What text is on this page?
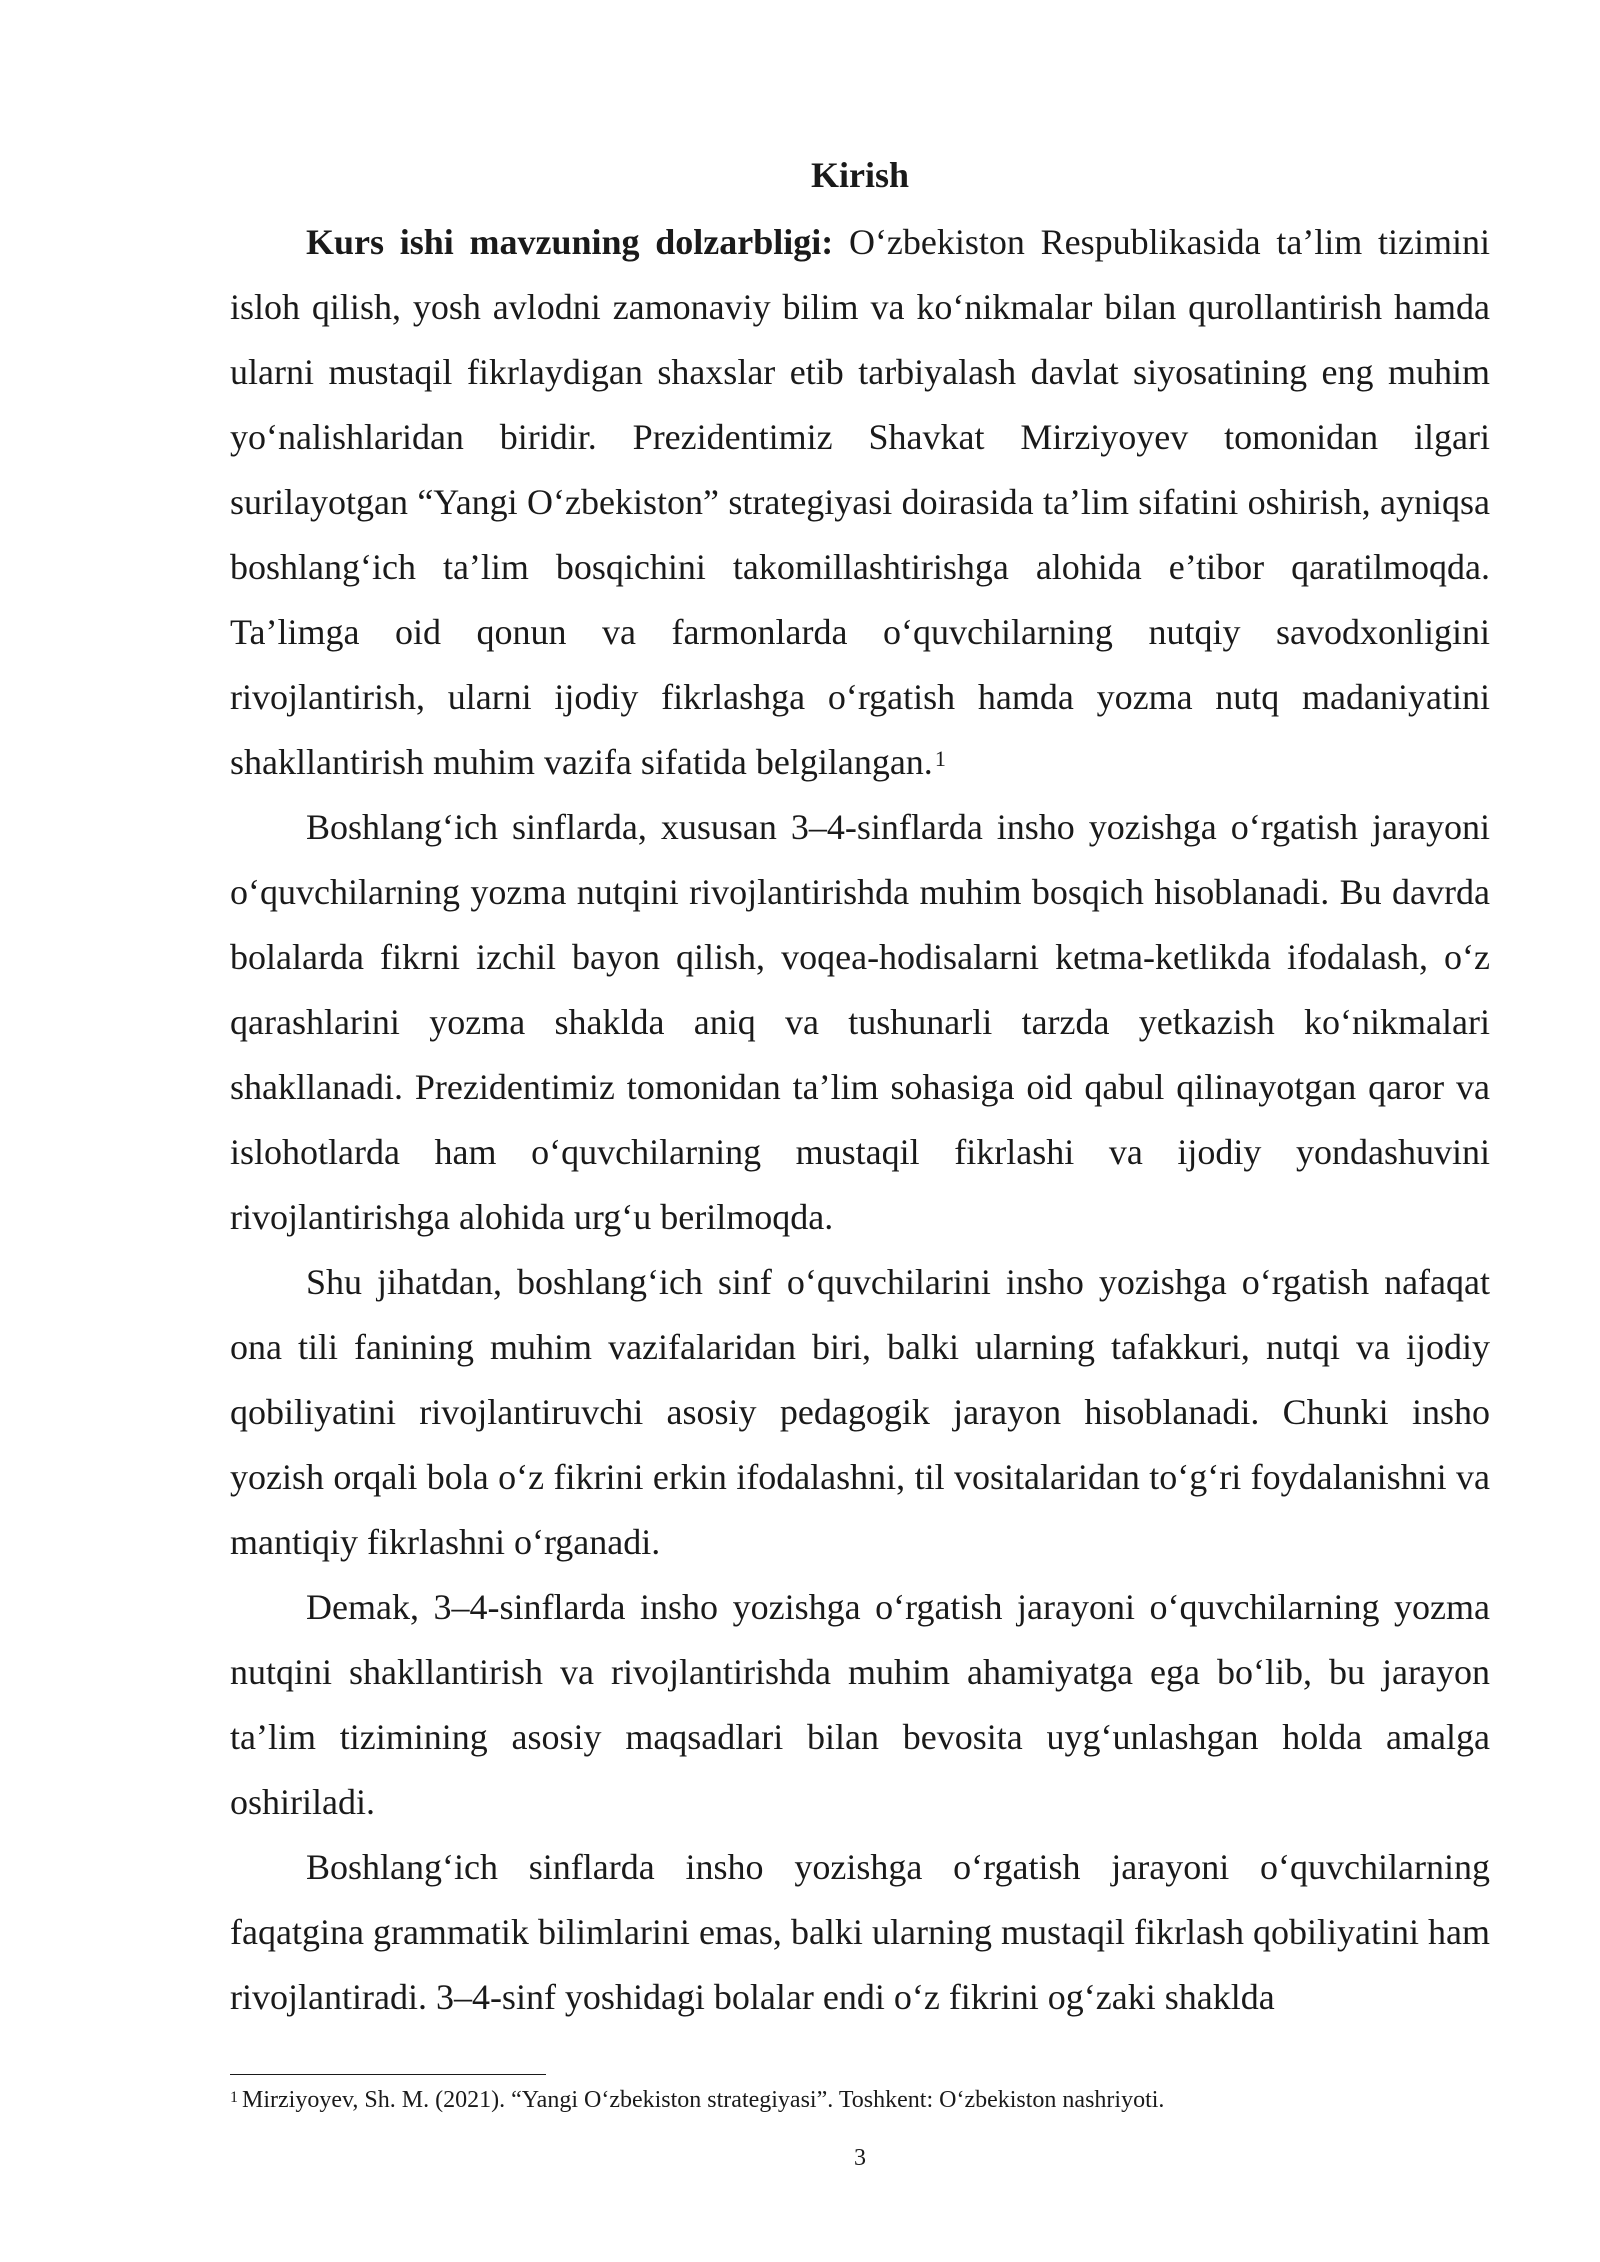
Kirish

Kurs ishi mavzuning dolzarbligi: O‘zbekiston Respublikasida ta’lim tizimini isloh qilish, yosh avlodni zamonaviy bilim va ko‘nikmalar bilan qurollantirish hamda ularni mustaqil fikrlaydigan shaxslar etib tarbiyalash davlat siyosatining eng muhim yo‘nalishlaridan biridir. Prezidentimiz Shavkat Mirziyoyev tomonidan ilgari surilayotgan “Yangi O‘zbekiston” strategiyasi doirasida ta’lim sifatini oshirish, ayniqsa boshlang‘ich ta’lim bosqichini takomillashtirishga alohida e’tibor qaratilmoqda. Ta’limga oid qonun va farmonlarda o‘quvchilarning nutqiy savodxonligini rivojlantirish, ularni ijodiy fikrlashga o‘rgatish hamda yozma nutq madaniyatini shakllantirish muhim vazifa sifatida belgilangan.$^1$

Boshlang‘ich sinflarda, xususan 3–4-sinflarda insho yozishga o‘rgatish jarayoni o‘quvchilarning yozma nutqini rivojlantirishda muhim bosqich hisoblanadi. Bu davrda bolalarda fikrni izchil bayon qilish, voqea-hodisalarni ketma-ketlikda ifodalash, o‘z qarashlarini yozma shaklda aniq va tushunarli tarzda yetkazish ko‘nikmalari shakllanadi. Prezidentimiz tomonidan ta’lim sohasiga oid qabul qilinayotgan qaror va islohotlarda ham o‘quvchilarning mustaqil fikrlashi va ijodiy yondashuvini rivojlantirishga alohida urg‘u berilmoqda.

Shu jihatdan, boshlang‘ich sinf o‘quvchilarini insho yozishga o‘rgatish nafaqat ona tili fanining muhim vazifalaridan biri, balki ularning tafakkuri, nutqi va ijodiy qobiliyatini rivojlantiruvchi asosiy pedagogik jarayon hisoblanadi. Chunki insho yozish orqali bola o‘z fikrini erkin ifodalashni, til vositalaridan to‘g‘ri foydalanishni va mantiqiy fikrlashni o‘rganadi.

Demak, 3–4-sinflarda insho yozishga o‘rgatish jarayoni o‘quvchilarning yozma nutqini shakllantirish va rivojlantirishda muhim ahamiyatga ega bo‘lib, bu jarayon ta’lim tizimining asosiy maqsadlari bilan bevosita uyg‘unlashgan holda amalga oshiriladi.

Boshlang‘ich sinflarda insho yozishga o‘rgatish jarayoni o‘quvchilarning faqatgina grammatik bilimlarini emas, balki ularning mustaqil fikrlash qobiliyatini ham rivojlantiradi. 3–4-sinf yoshidagi bolalar endi o‘z fikrini og‘zaki shaklda

$^1$ Mirziyoyev, Sh. M. (2021). “Yangi O‘zbekiston strategiyasi”. Toshkent: O‘zbekiston nashriyoti.
3
